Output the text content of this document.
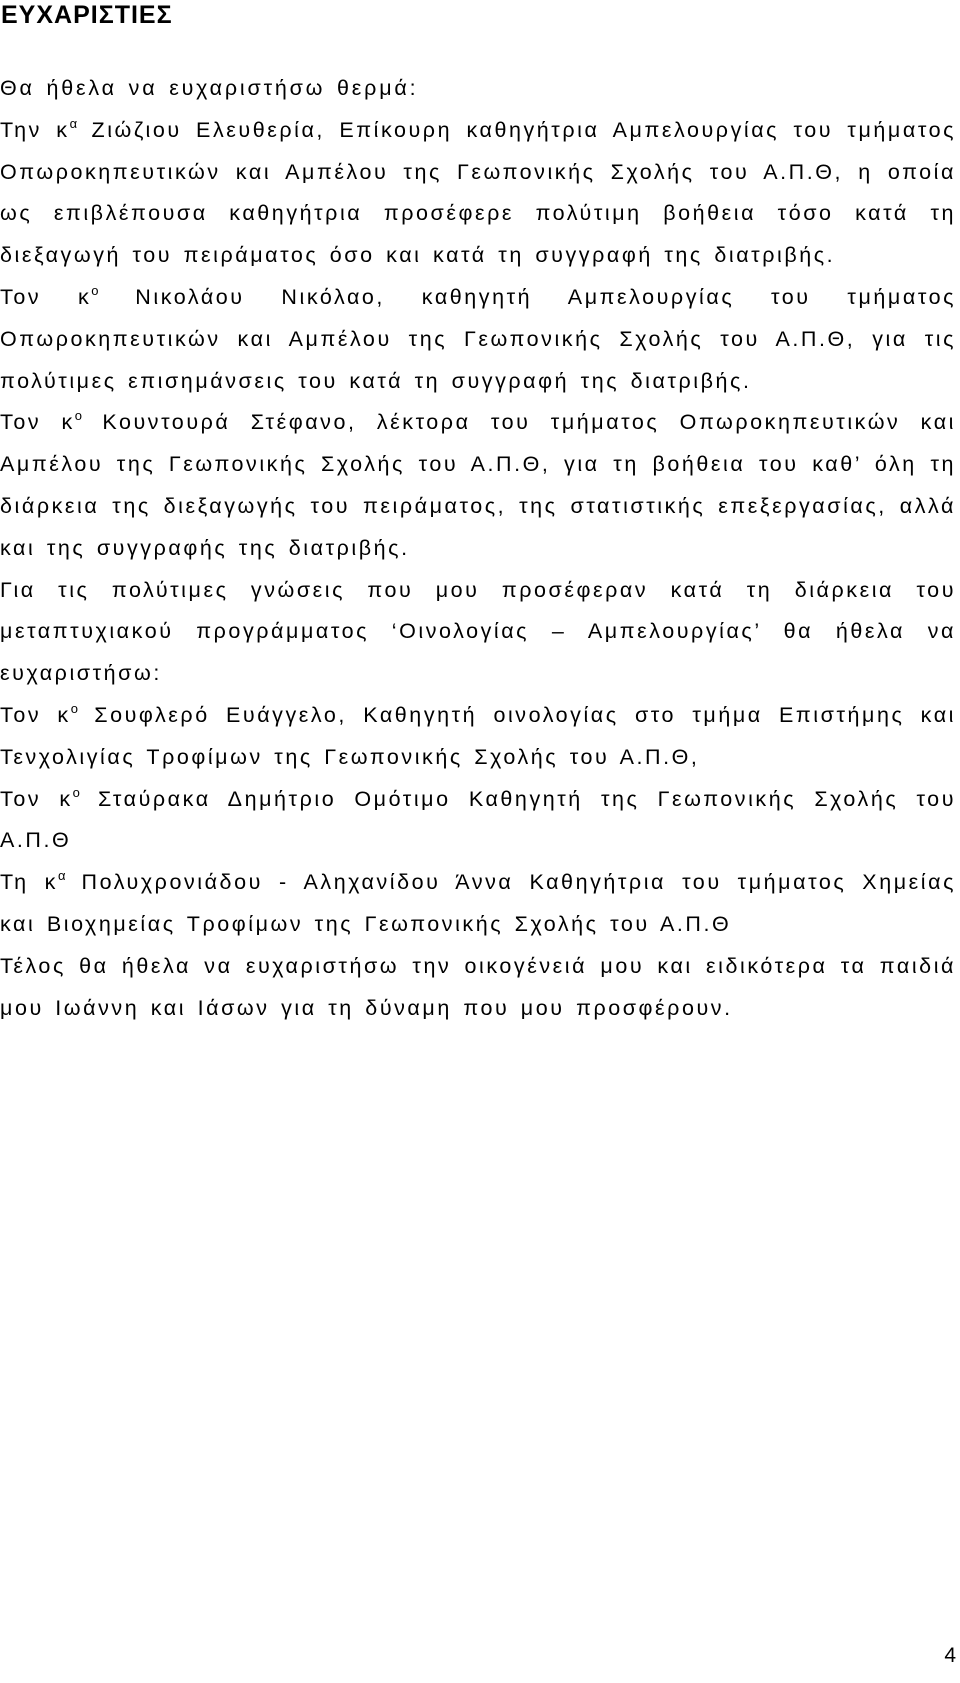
ΕΥΧΑΡΙΣΤΙΕΣ

Θα ήθελα να ευχαριστήσω θερμά:

Την $\kappa^\alpha$ Ζιώζιου Ελευθερία, Επίκουρη καθηγήτρια Αμπελουργίας του τμήματος Οπωροκηπευτικών και Αμπέλου της Γεωπονικής Σχολής του Α.Π.Θ, η οποία ως επιβλέπουσα καθηγήτρια προσέφερε πολύτιμη βοήθεια τόσο κατά τη διεξαγωγή του πειράματος όσο και κατά τη συγγραφή της διατριβής.

Τον $\kappa^o$ Νικολάου Νικόλαο, καθηγητή Αμπελουργίας του τμήματος Οπωροκηπευτικών και Αμπέλου της Γεωπονικής Σχολής του Α.Π.Θ, για τις πολύτιμες επισημάνσεις του κατά τη συγγραφή της διατριβής.

Τον $\kappa^o$ Κουντουρά Στέφανο, λέκτορα του τμήματος Οπωροκηπευτικών και Αμπέλου της Γεωπονικής Σχολής του Α.Π.Θ, για τη βοήθεια του καθ’ όλη τη διάρκεια της διεξαγωγής του πειράματος, της στατιστικής επεξεργασίας, αλλά και της συγγραφής της διατριβής.

Για τις πολύτιμες γνώσεις που μου προσέφεραν κατά τη διάρκεια του μεταπτυχιακού προγράμματος ‘Οινολογίας – Αμπελουργίας’ θα ήθελα να ευχαριστήσω:

Τον $\kappa^o$ Σουφλερό Ευάγγελο, Καθηγητή οινολογίας στο τμήμα Επιστήμης και Τενχολιγίας Τροφίμων της Γεωπονικής Σχολής του Α.Π.Θ,

Τον $\kappa^o$ Σταύρακα Δημήτριο Ομότιμο Καθηγητή της Γεωπονικής Σχολής του Α.Π.Θ

Τη $\kappa^\alpha$ Πολυχρονιάδου - Αληχανίδου Άννα Καθηγήτρια του τμήματος Χημείας και Βιοχημείας Τροφίμων της Γεωπονικής Σχολής του Α.Π.Θ

Τέλος θα ήθελα να ευχαριστήσω την οικογένειά μου και ειδικότερα τα παιδιά μου Ιωάννη και Ιάσων για τη δύναμη που μου προσφέρουν.

4
